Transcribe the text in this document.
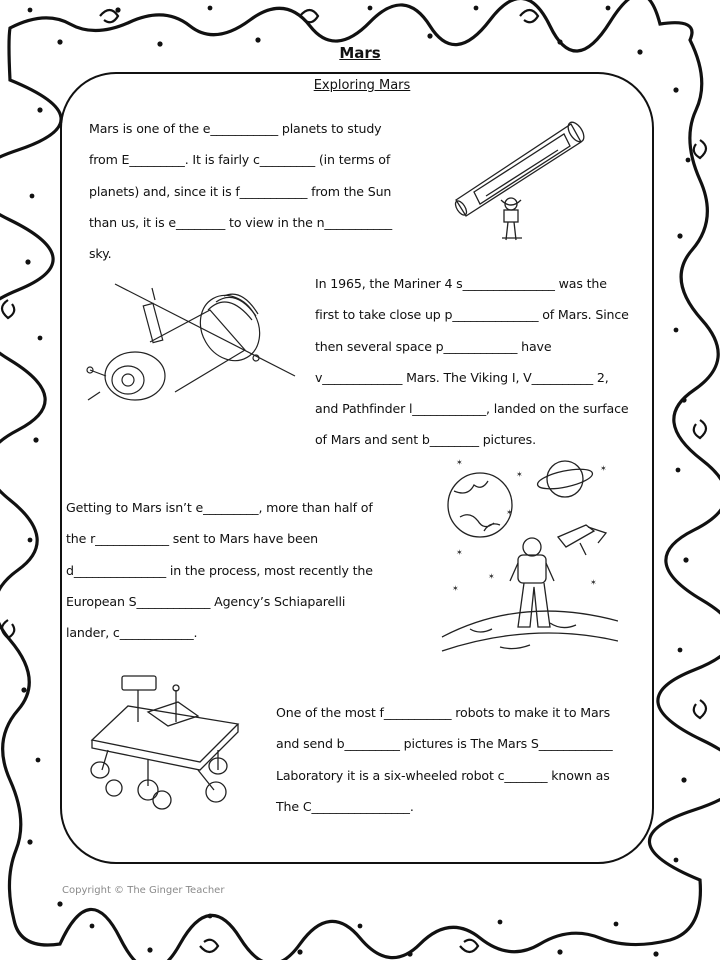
Mars
Exploring Mars
Mars is one of the e___________ planets to study
from E_________. It is fairly c_________ (in terms of
planets) and, since it is f___________ from the Sun
than us, it is e________ to view in the n___________
sky.
In 1965, the Mariner 4 s_______________ was the
first to take close up p______________ of Mars. Since
then several space p____________ have
v_____________ Mars. The Viking I, V__________ 2,
and Pathfinder l____________, landed on the surface
of Mars and sent b________ pictures.
Getting to Mars isn’t e_________, more than half of
the r____________ sent to Mars have been
d_______________ in the process, most recently the
European S____________ Agency’s Schiaparelli
lander, c____________.
One of the most f___________ robots to make it to Mars
and send b_________ pictures is The Mars S____________
Laboratory it is a six-wheeled robot c_______ known as
The C________________.
✶
✶
✶
✶
✶
✶
✶
✶
Copyright © The Ginger Teacher
